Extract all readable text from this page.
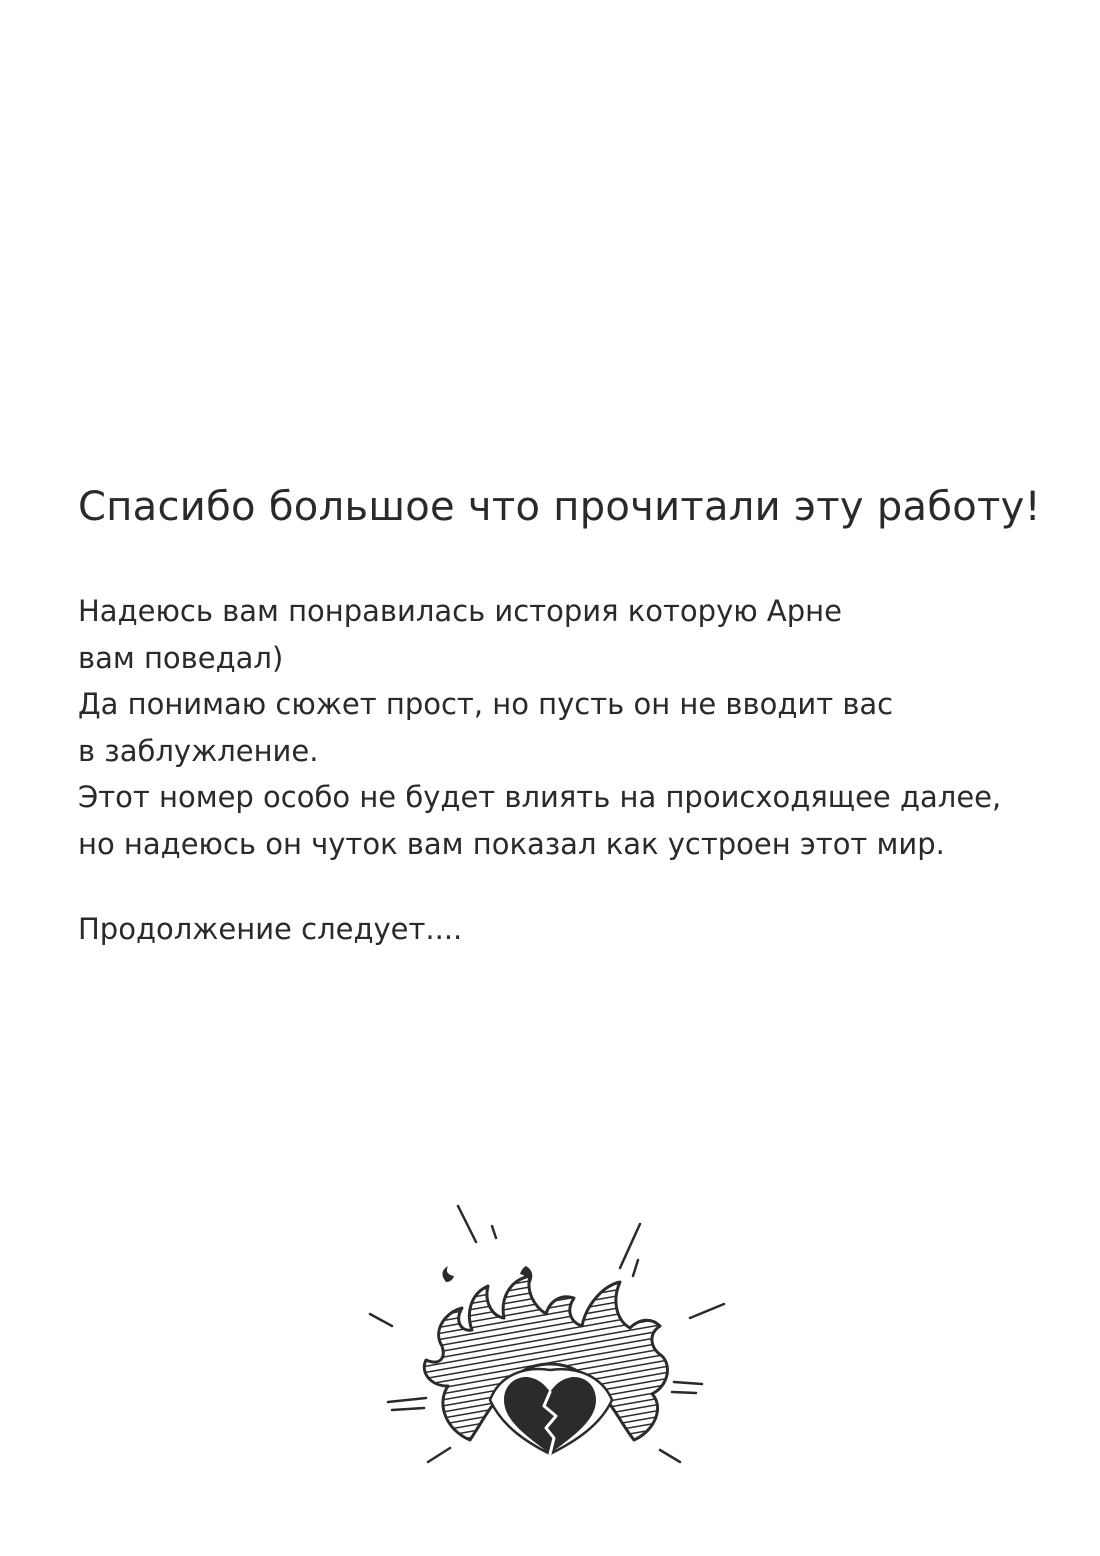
Спасибо большое что прочитали эту работу!
Надеюсь вам понравилась история которую Арне
вам поведал)
Да понимаю сюжет прост, но пусть он не вводит вас
в заблужление.
Этот номер особо не будет влиять на происходящее далее,
но надеюсь он чуток вам показал как устроен этот мир.
Продолжение следует....
